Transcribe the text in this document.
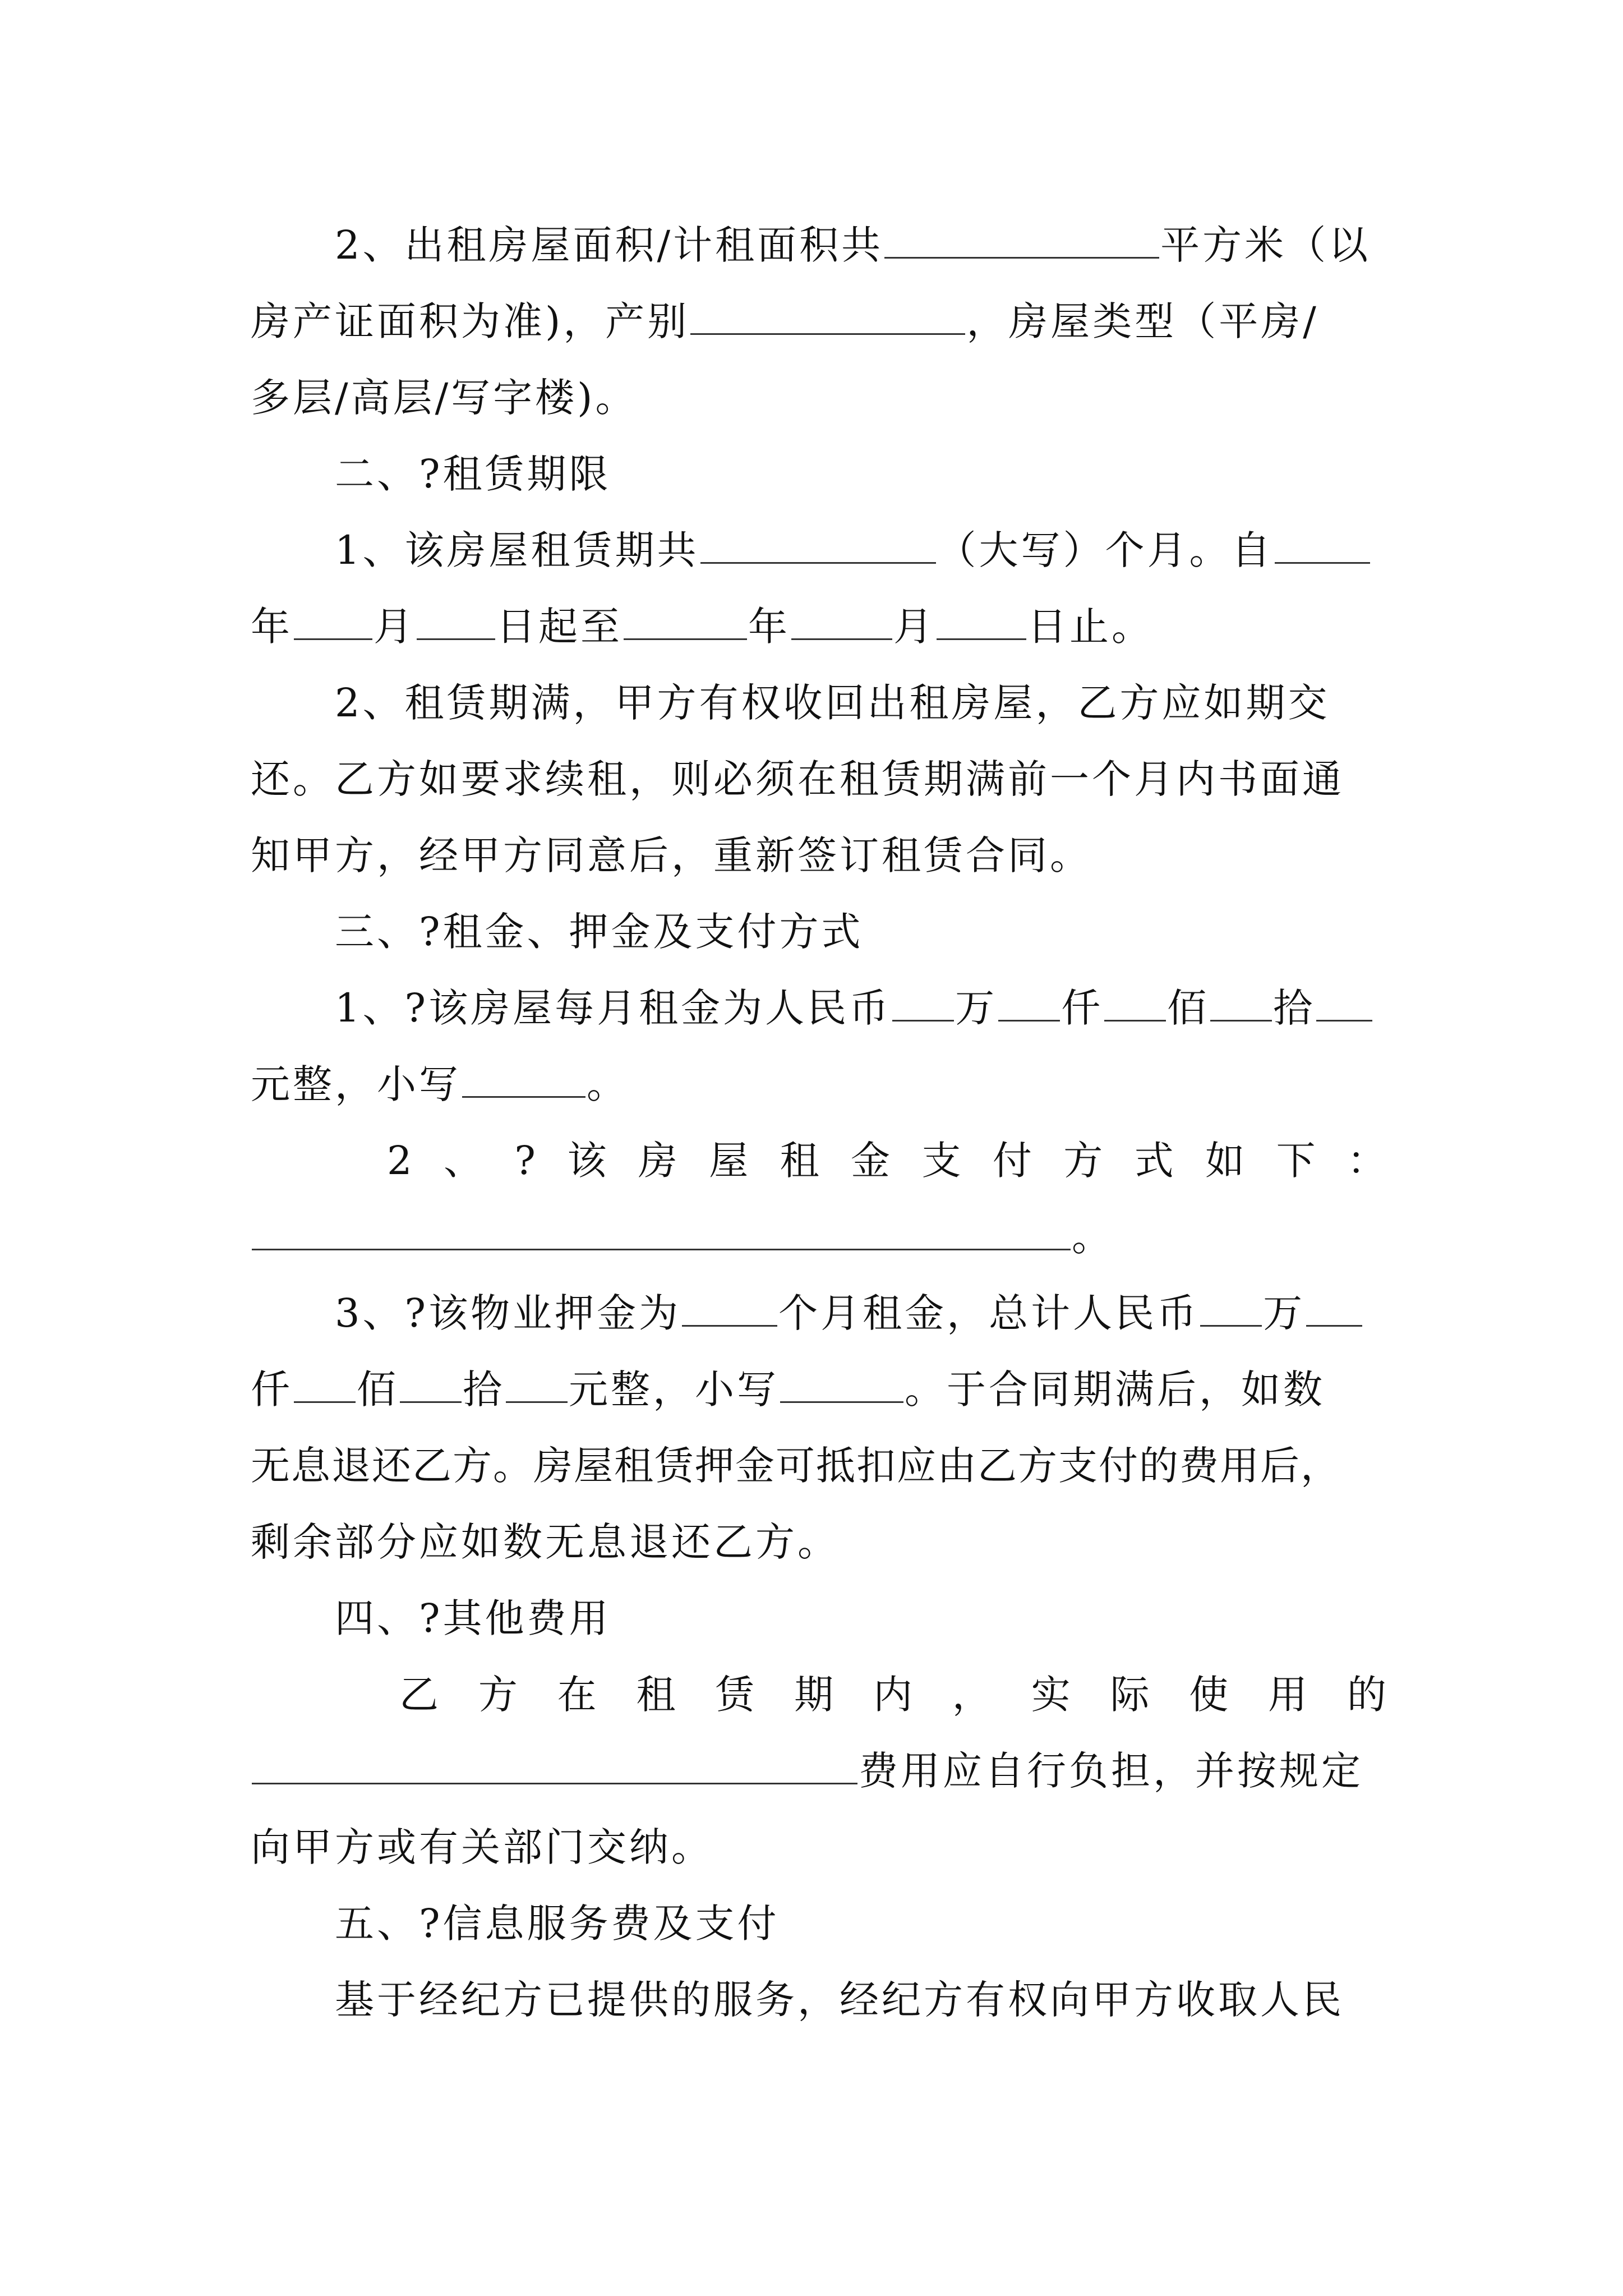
2、出租房屋面积/计租面积共	平方米（以
房产证面积为准)，产别	，房屋类型（平房/
多层/高层/写字楼)。
二、?租赁期限
1、该房屋租赁期共	（大写）个月。自
年 月 日起至	年	月 日止。
2、租赁期满，甲方有权收回出租房屋，乙方应如期交
还。乙方如要求续租，则必须在租赁期满前一个月内书面通
知甲方，经甲方同意后，重新签订租赁合同。
三、?租金、押金及支付方式
1、?该房屋每月租金为人民币 万 仟 佰 拾
元整，小写	。
2 、 ? 该 房 屋 租 金 支 付 方 式 如 下 ：
。
3、?该物业押金为 个月租金，总计人民币 万
仟 佰 拾 元整，小写	。于合同期满后，如数
无息退还乙方。房屋租赁押金可抵扣应由乙方支付的费用后，
剩余部分应如数无息退还乙方。
四、?其他费用
乙 方 在 租 赁 期 内 ， 实 际 使 用 的
费用应自行负担，并按规定
向甲方或有关部门交纳。
五、?信息服务费及支付
基于经纪方已提供的服务，经纪方有权向甲方收取人民
